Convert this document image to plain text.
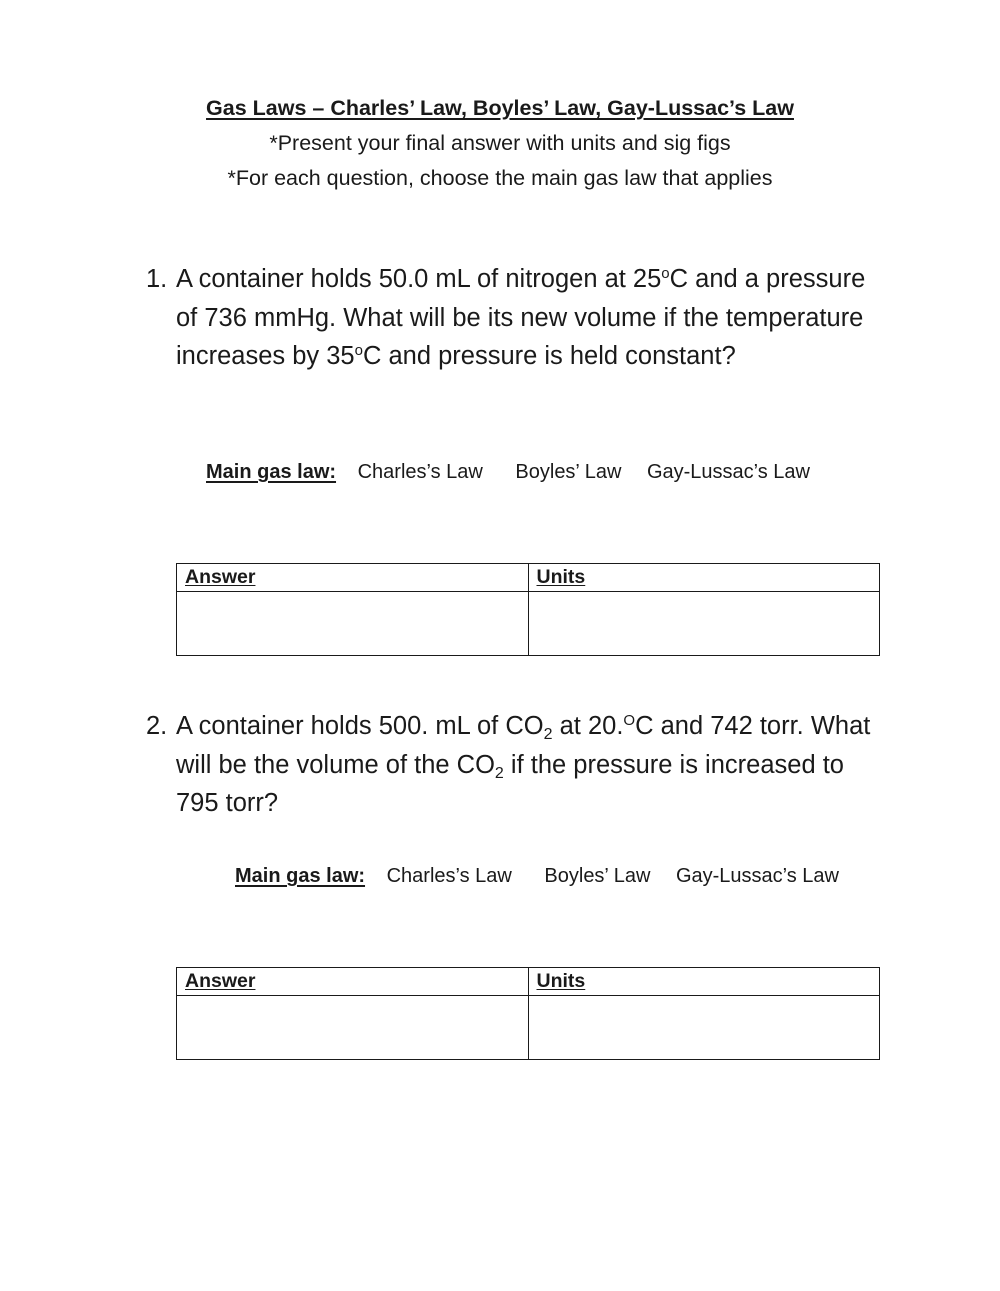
Gas Laws – Charles’ Law, Boyles’ Law, Gay-Lussac’s Law
*Present your final answer with units and sig figs
*For each question, choose the main gas law that applies
1. A container holds 50.0 mL of nitrogen at 25$^o$C and a pressure of 736 mmHg. What will be its new volume if the temperature increases by 35$^o$C and pressure is held constant?
Main gas law: Charles’s Law Boyles’ Law Gay-Lussac’s Law
Answer	Units

2. A container holds 500. mL of $CO_2$ at 20.$^O$C and 742 torr. What will be the volume of the $CO_2$ if the pressure is increased to 795 torr?
Main gas law: Charles’s Law Boyles’ Law Gay-Lussac’s Law
Answer	Units
